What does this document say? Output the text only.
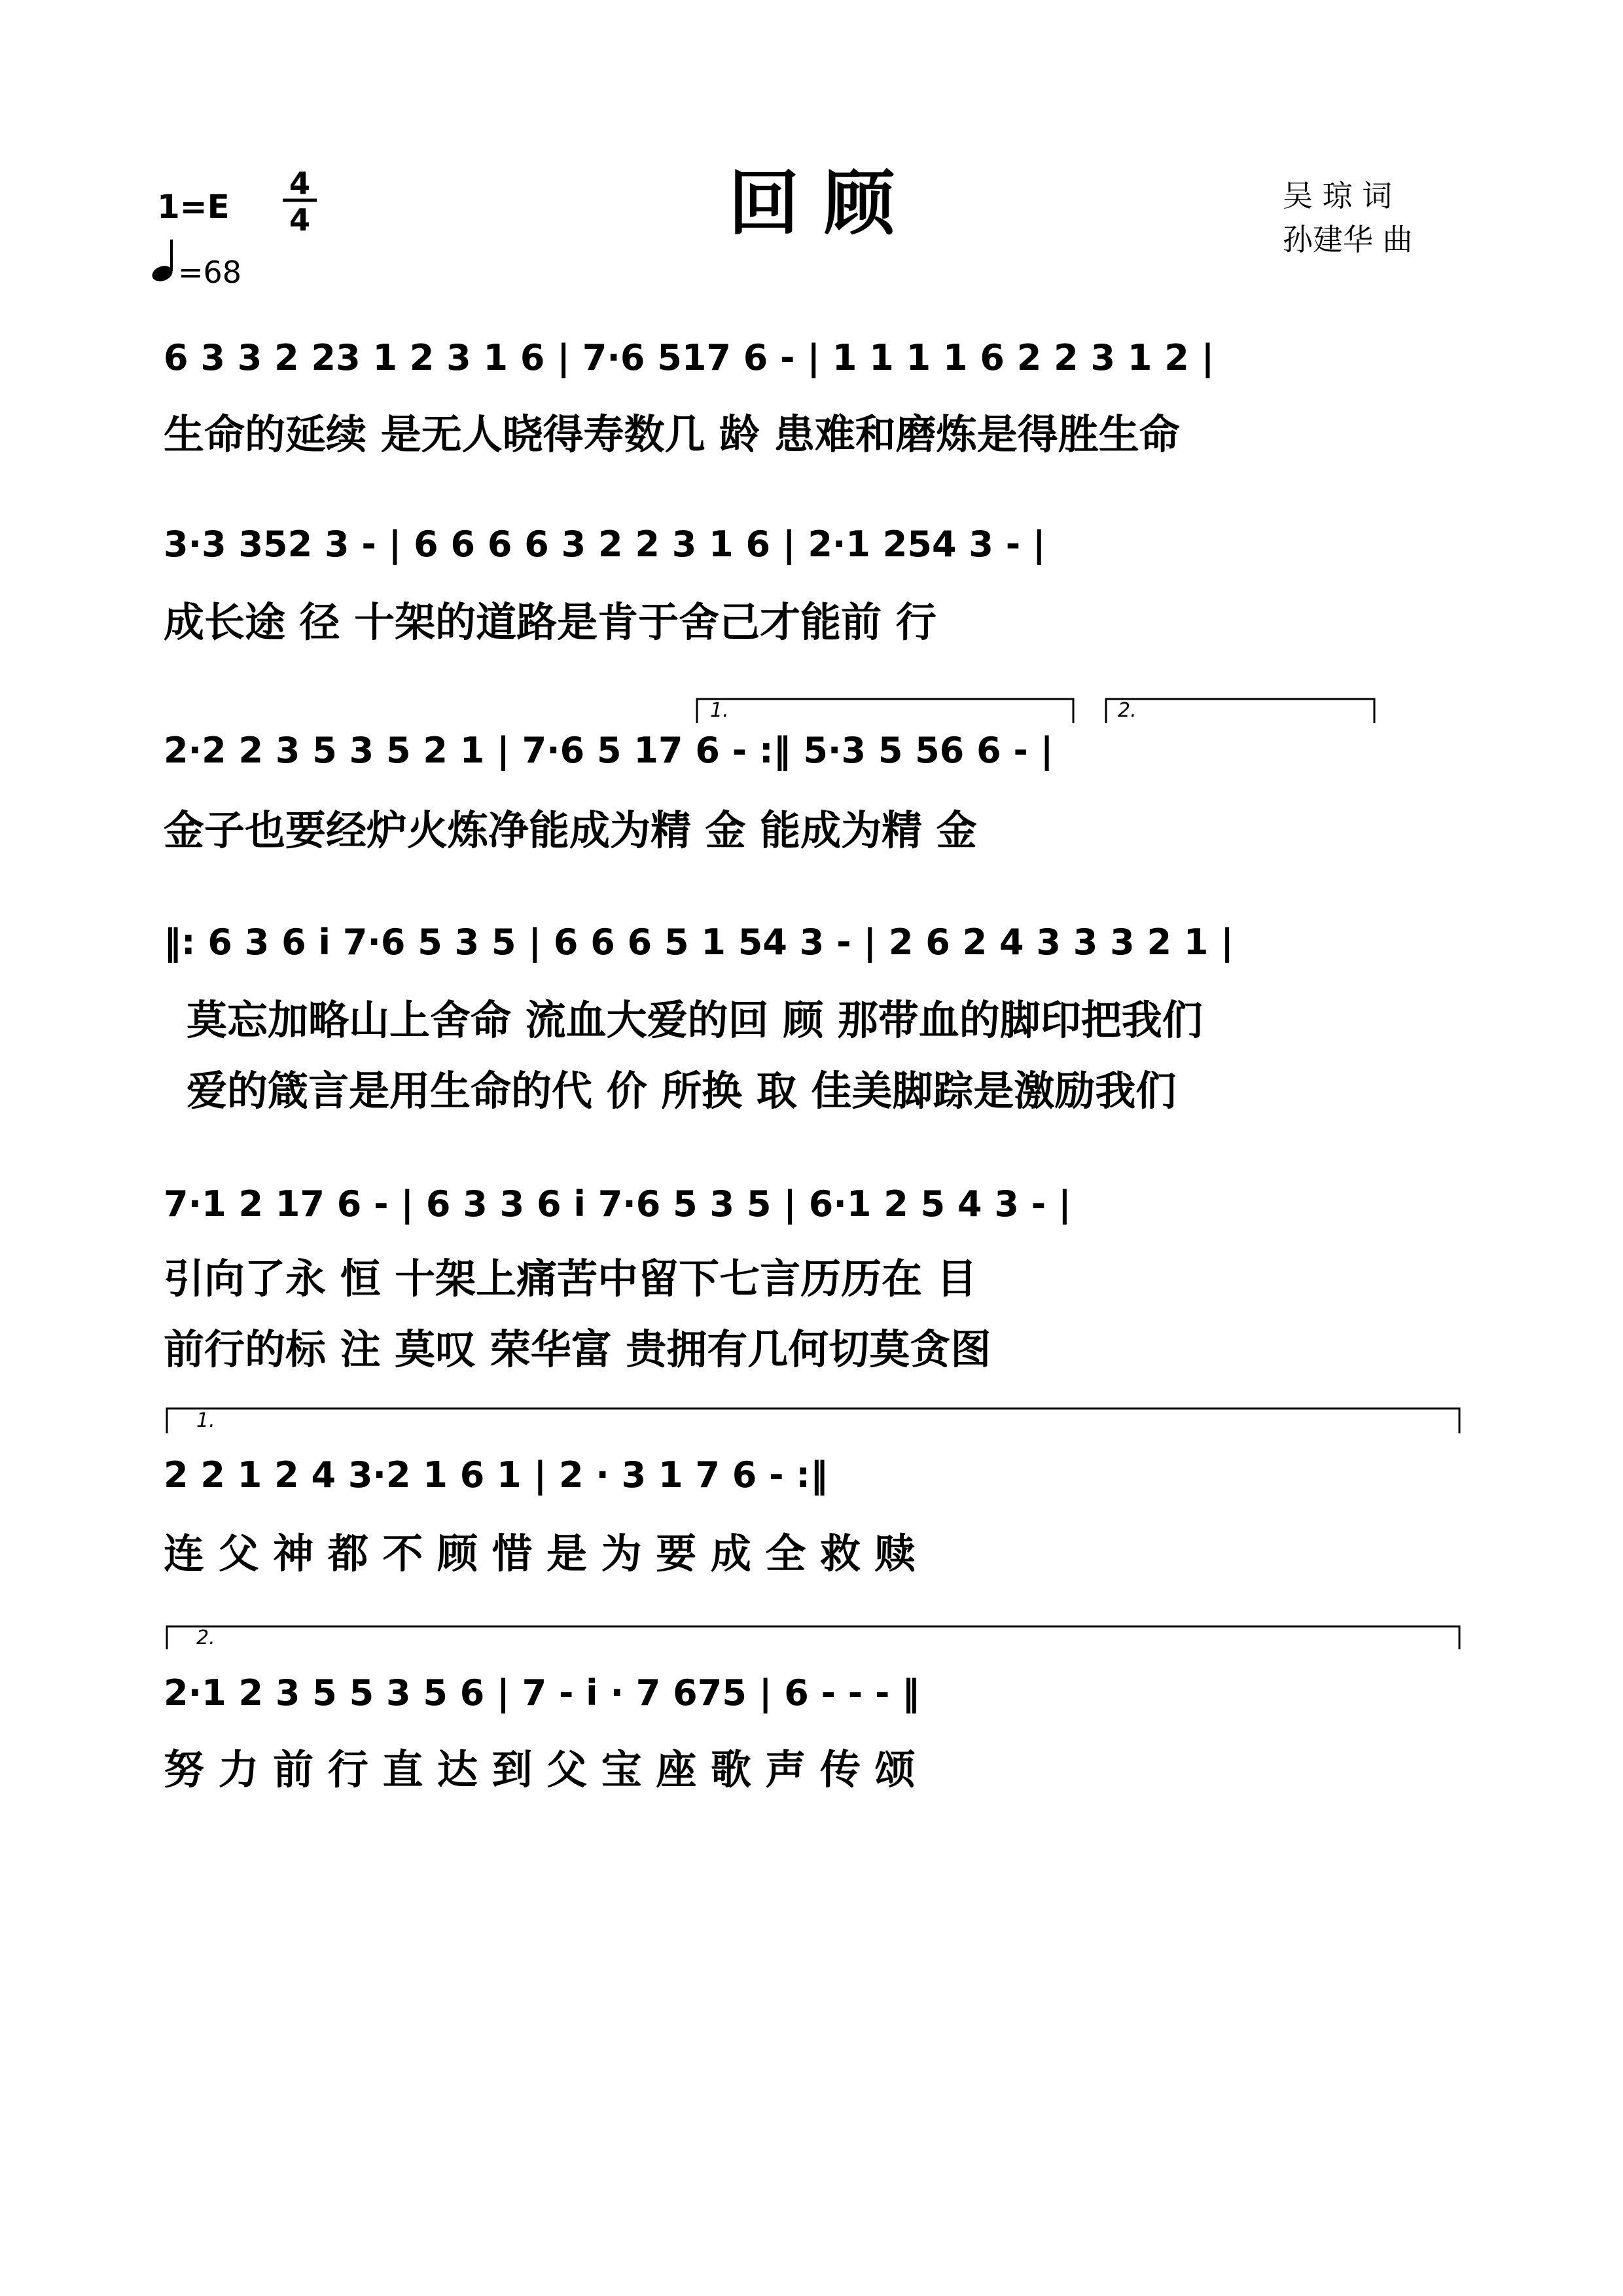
1=E
4
4
=68
回 顾	吴 琼 词
孙建华 曲
6 3 3 2 23 1 2 3 1 6 | 7·6 517 6 - | 1 1 1 1 6 2 2 3 1 2 |
生命的延续 是无人晓得寿数几 龄 患难和磨炼是得胜生命
3·3 352 3 - | 6 6 6 6 3 2 2 3 1 6 | 2·1 254 3 - |
成长途 径 十架的道路是肯于舍己才能前 行
1.	2.
2·2 2 3 5 3 5 2 1 | 7·6 5 17 6 - :‖ 5·3 5 56 6 - |
金子也要经炉火炼净能成为精 金 能成为精 金
‖: 6 3 6 i 7·6 5 3 5 | 6 6 6 5 1 54 3 - | 2 6 2 4 3 3 3 2 1 |
莫忘加略山上舍命 流血大爱的回 顾 那带血的脚印把我们
爱的箴言是用生命的代 价 所换 取 佳美脚踪是激励我们
7·1 2 17 6 - | 6 3 3 6 i 7·6 5 3 5 | 6·1 2 5 4 3 - |
引向了永 恒 十架上痛苦中留下七言历历在 目
前行的标 注 莫叹 荣华富 贵拥有几何切莫贪图
1.
2 2 1 2 4 3·2 1 6 1 | 2 · 3 1 7 6 - :‖
连 父 神 都 不 顾 惜 是 为 要 成 全 救 赎
2.
2·1 2 3 5 5 3 5 6 | 7 - i · 7 675 | 6 - - - ‖
努 力 前 行 直 达 到 父 宝 座 歌 声 传 颂
